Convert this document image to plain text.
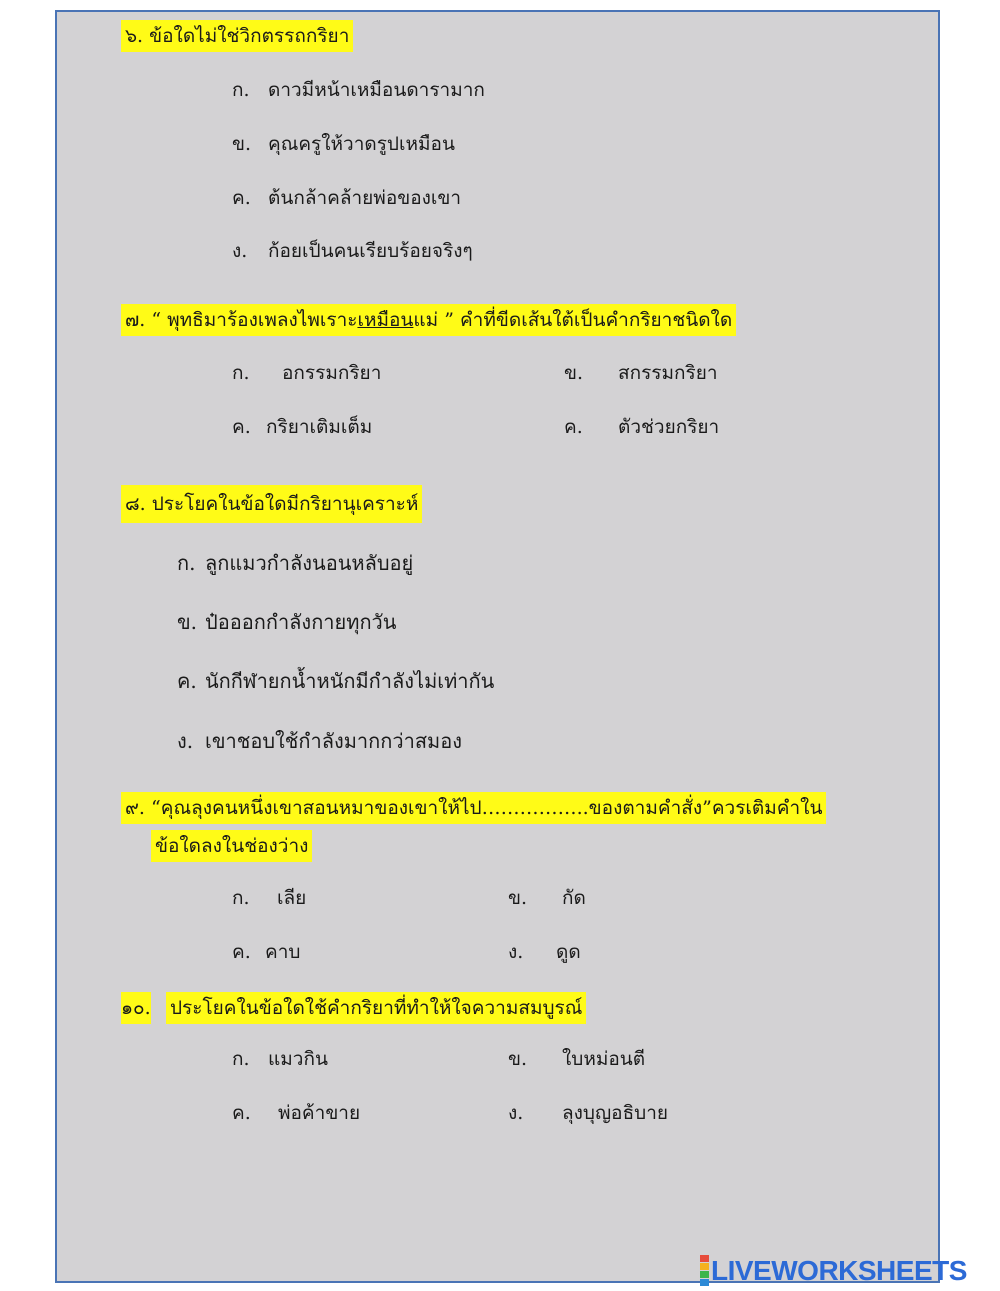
๖. ข้อใดไม่ใช่วิกตรรถกริยา
ก. ดาวมีหน้าเหมือนดารามาก
ข. คุณครูให้วาดรูปเหมือน
ค. ต้นกล้าคล้ายพ่อของเขา
ง. ก้อยเป็นคนเรียบร้อยจริงๆ
๗. “ พุทธิมาร้องเพลงไพเราะเหมือนแม่ ” คำที่ขีดเส้นใต้เป็นคำกริยาชนิดใด
ก. อกรรมกริยา	ข. สกรรมกริยา
ค. กริยาเติมเต็ม	ค. ตัวช่วยกริยา
๘. ประโยคในข้อใดมีกริยานุเคราะห์
ก. ลูกแมวกำลังนอนหลับอยู่
ข. ป๋อออกกำลังกายทุกวัน
ค. นักกีฬายกน้ำหนักมีกำลังไม่เท่ากัน
ง. เขาชอบใช้กำลังมากกว่าสมอง
๙. “คุณลุงคนหนึ่งเขาสอนหมาของเขาให้ไป……………..ของตามคำสั่ง”ควรเติมคำใน
ข้อใดลงในช่องว่าง
ก. เลีย	ข. กัด
ค. คาบ	ง. ดูด
๑๐. ประโยคในข้อใดใช้คำกริยาที่ทำให้ใจความสมบูรณ์
ก. แมวกิน	ข. ใบหม่อนตี
ค. พ่อค้าขาย	ง. ลุงบุญอธิบาย
LIVEWORKSHEETS
